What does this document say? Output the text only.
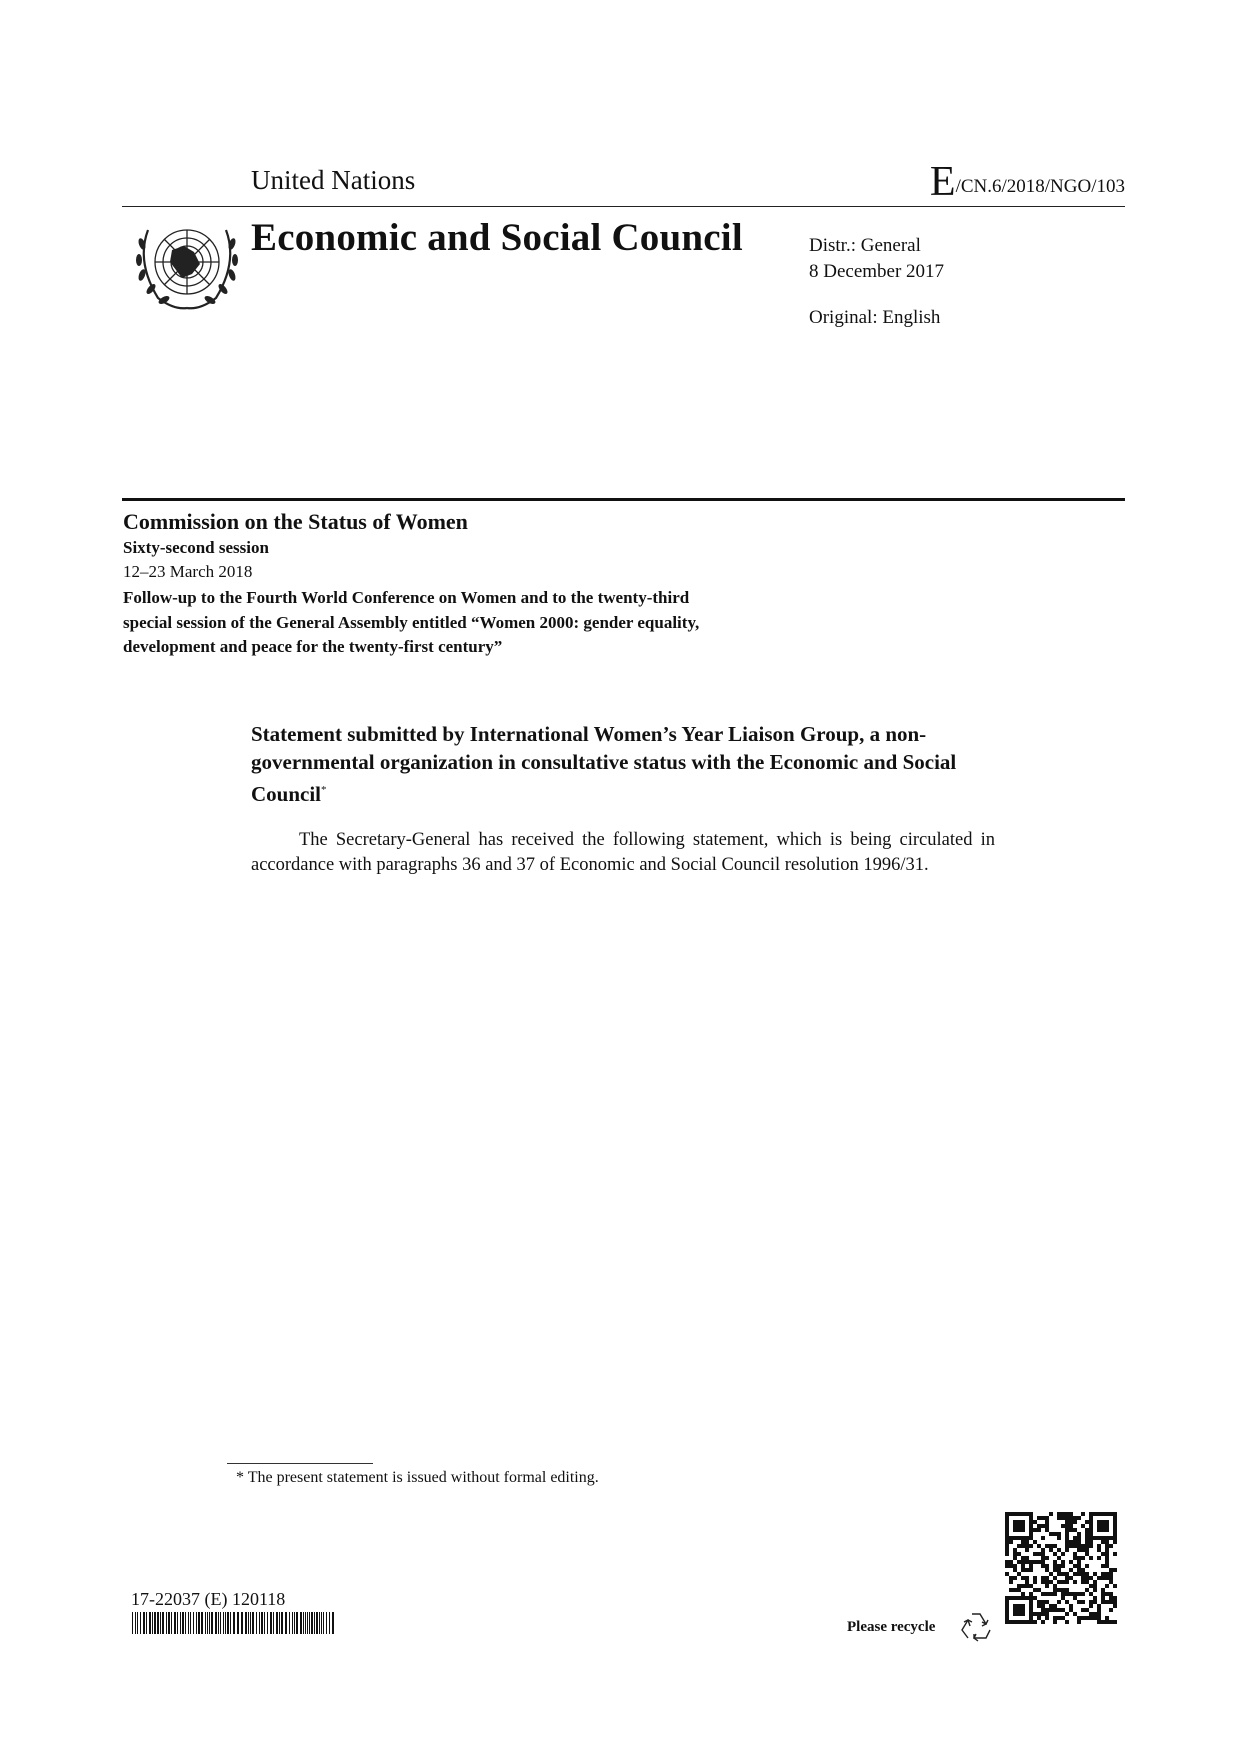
United Nations	E/CN.6/2018/NGO/103
Economic and Social Council	Distr.: General
8 December 2017
Original: English
Commission on the Status of Women
Sixty-second session
12–23 March 2018
Follow-up to the Fourth World Conference on Women and to the twenty-third special session of the General Assembly entitled “Women 2000: gender equality, development and peace for the twenty-first century”
Statement submitted by International Women’s Year Liaison Group, a non-governmental organization in consultative status with the Economic and Social Council*
The Secretary-General has received the following statement, which is being circulated in accordance with paragraphs 36 and 37 of Economic and Social Council resolution 1996/31.
* The present statement is issued without formal editing.
17-22037 (E) 120118
Please recycle
